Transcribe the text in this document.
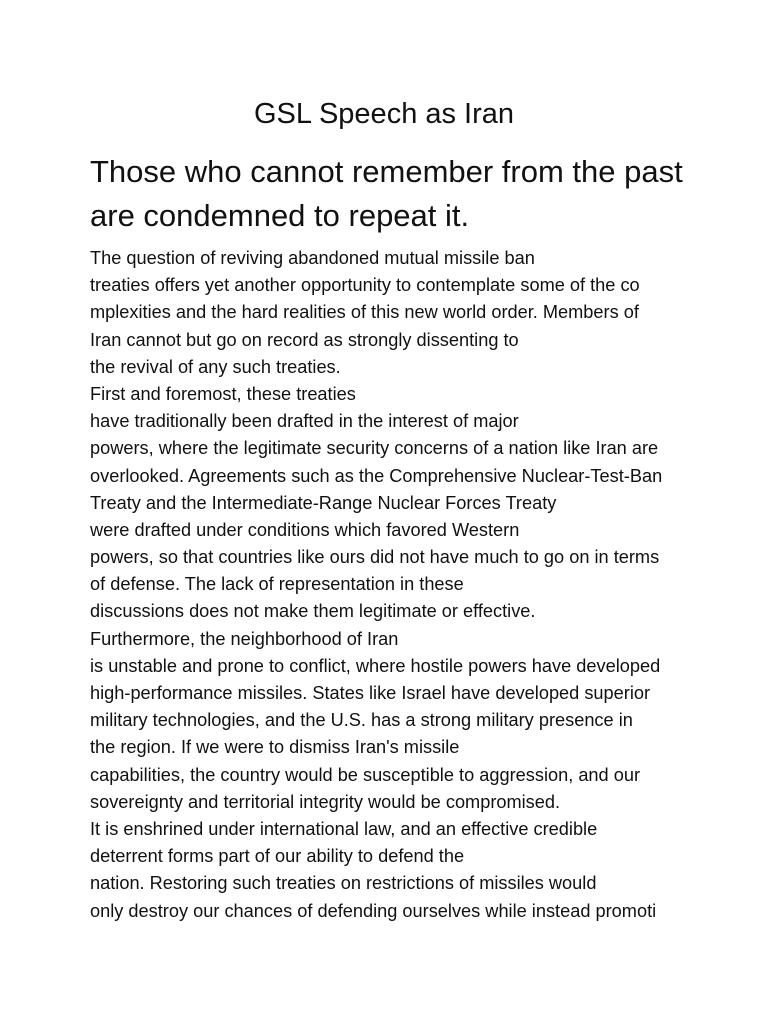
GSL Speech as Iran
Those who cannot remember from the past
are condemned to repeat it.
The question of reviving abandoned mutual missile ban
treaties offers yet another opportunity to contemplate some of the co
mplexities and the hard realities of this new world order. Members of
Iran cannot but go on record as strongly dissenting to
the revival of any such treaties.
First and foremost, these treaties
have traditionally been drafted in the interest of major
powers, where the legitimate security concerns of a nation like Iran are
overlooked. Agreements such as the Comprehensive Nuclear-Test-Ban
Treaty and the Intermediate-Range Nuclear Forces Treaty
were drafted under conditions which favored Western
powers, so that countries like ours did not have much to go on in terms
of defense. The lack of representation in these
discussions does not make them legitimate or effective.
Furthermore, the neighborhood of Iran
is unstable and prone to conflict, where hostile powers have developed
high-performance missiles. States like Israel have developed superior
military technologies, and the U.S. has a strong military presence in
the region. If we were to dismiss Iran's missile
capabilities, the country would be susceptible to aggression, and our
sovereignty and territorial integrity would be compromised.
It is enshrined under international law, and an effective credible
deterrent forms part of our ability to defend the
nation. Restoring such treaties on restrictions of missiles would
only destroy our chances of defending ourselves while instead promoti
